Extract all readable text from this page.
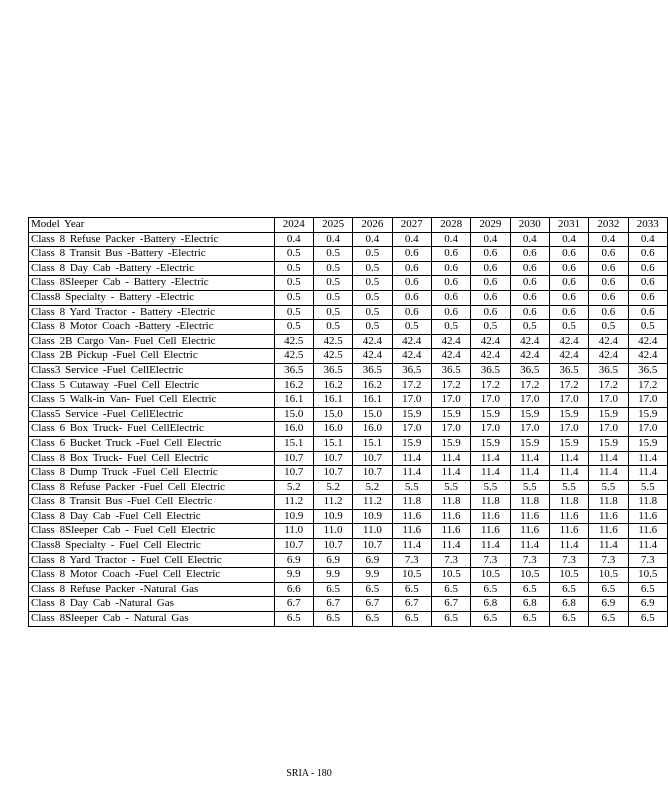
Model Year	2024	2025	2026	2027	2028	2029	2030	2031	2032	2033
Class 8 Refuse Packer -Battery -Electric	0.4	0.4	0.4	0.4	0.4	0.4	0.4	0.4	0.4	0.4
Class 8 Transit Bus -Battery -Electric	0.5	0.5	0.5	0.6	0.6	0.6	0.6	0.6	0.6	0.6
Class 8 Day Cab -Battery -Electric	0.5	0.5	0.5	0.6	0.6	0.6	0.6	0.6	0.6	0.6
Class 8Sleeper Cab - Battery -Electric	0.5	0.5	0.5	0.6	0.6	0.6	0.6	0.6	0.6	0.6
Class8 Specialty - Battery -Electric	0.5	0.5	0.5	0.6	0.6	0.6	0.6	0.6	0.6	0.6
Class 8 Yard Tractor - Battery -Electric	0.5	0.5	0.5	0.6	0.6	0.6	0.6	0.6	0.6	0.6
Class 8 Motor Coach -Battery -Electric	0.5	0.5	0.5	0.5	0.5	0.5	0.5	0.5	0.5	0.5
Class 2B Cargo Van- Fuel Cell Electric	42.5	42.5	42.4	42.4	42.4	42.4	42.4	42.4	42.4	42.4
Class 2B Pickup -Fuel Cell Electric	42.5	42.5	42.4	42.4	42.4	42.4	42.4	42.4	42.4	42.4
Class3 Service -Fuel CellElectric	36.5	36.5	36.5	36.5	36.5	36.5	36.5	36.5	36.5	36.5
Class 5 Cutaway -Fuel Cell Electric	16.2	16.2	16.2	17.2	17.2	17.2	17.2	17.2	17.2	17.2
Class 5 Walk-in Van- Fuel Cell Electric	16.1	16.1	16.1	17.0	17.0	17.0	17.0	17.0	17.0	17.0
Class5 Service -Fuel CellElectric	15.0	15.0	15.0	15.9	15.9	15.9	15.9	15.9	15.9	15.9
Class 6 Box Truck- Fuel CellElectric	16.0	16.0	16.0	17.0	17.0	17.0	17.0	17.0	17.0	17.0
Class 6 Bucket Truck -Fuel Cell Electric	15.1	15.1	15.1	15.9	15.9	15.9	15.9	15.9	15.9	15.9
Class 8 Box Truck- Fuel Cell Electric	10.7	10.7	10.7	11.4	11.4	11.4	11.4	11.4	11.4	11.4
Class 8 Dump Truck -Fuel Cell Electric	10.7	10.7	10.7	11.4	11.4	11.4	11.4	11.4	11.4	11.4
Class 8 Refuse Packer -Fuel Cell Electric	5.2	5.2	5.2	5.5	5.5	5.5	5.5	5.5	5.5	5.5
Class 8 Transit Bus -Fuel Cell Electric	11.2	11.2	11.2	11.8	11.8	11.8	11.8	11.8	11.8	11.8
Class 8 Day Cab -Fuel Cell Electric	10.9	10.9	10.9	11.6	11.6	11.6	11.6	11.6	11.6	11.6
Class 8Sleeper Cab - Fuel Cell Electric	11.0	11.0	11.0	11.6	11.6	11.6	11.6	11.6	11.6	11.6
Class8 Specialty - Fuel Cell Electric	10.7	10.7	10.7	11.4	11.4	11.4	11.4	11.4	11.4	11.4
Class 8 Yard Tractor - Fuel Cell Electric	6.9	6.9	6.9	7.3	7.3	7.3	7.3	7.3	7.3	7.3
Class 8 Motor Coach -Fuel Cell Electric	9.9	9.9	9.9	10.5	10.5	10.5	10.5	10.5	10.5	10.5
Class 8 Refuse Packer -Natural Gas	6.6	6.5	6.5	6.5	6.5	6.5	6.5	6.5	6.5	6.5
Class 8 Day Cab -Natural Gas	6.7	6.7	6.7	6.7	6.7	6.8	6.8	6.8	6.9	6.9
Class 8Sleeper Cab - Natural Gas	6.5	6.5	6.5	6.5	6.5	6.5	6.5	6.5	6.5	6.5
SRIA - 180
